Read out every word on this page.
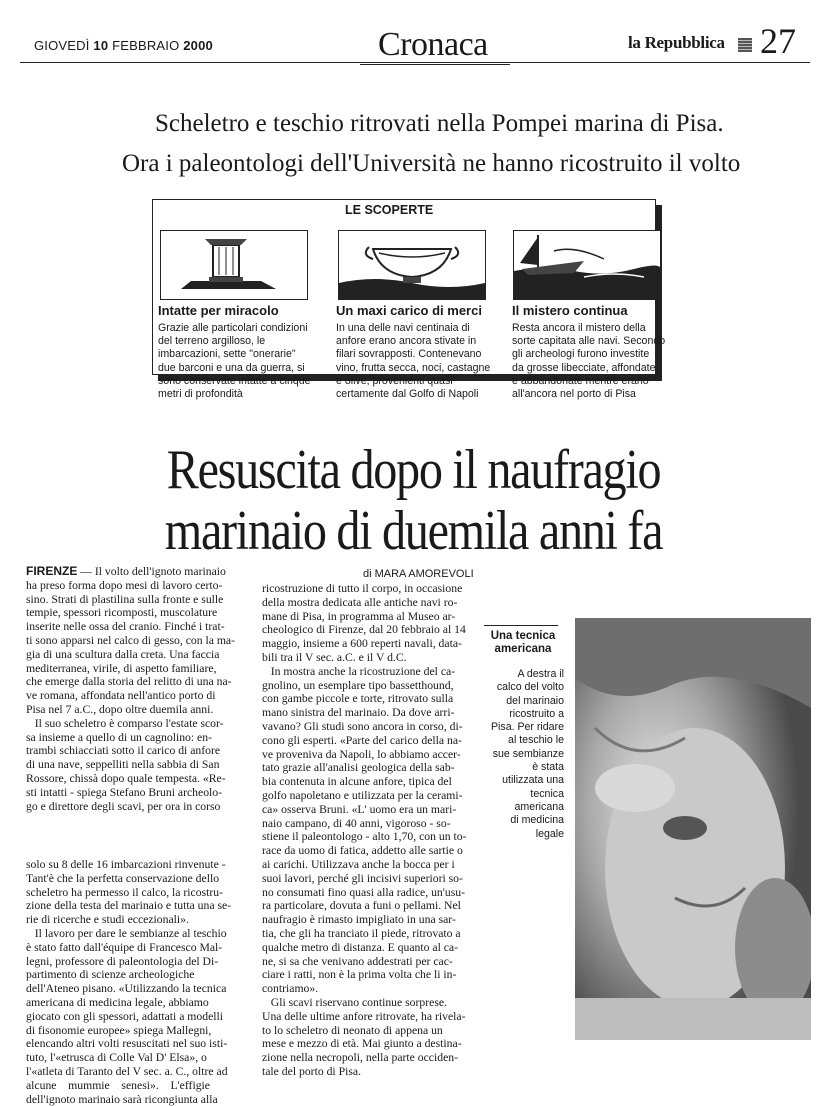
GIOVEDÌ 10 FEBBRAIO 2000	Cronaca	la Repubblica 27
Scheletro e teschio ritrovati nella Pompei marina di Pisa.
Ora i paleontologi dell'Università ne hanno ricostruito il volto
LE SCOPERTE
Intatte per miracolo	Un maxi carico di merci Il mistero continua
Grazie alle particolari condizioni
del terreno argilloso, le
imbarcazioni, sette "onerarie"
due barconi e una da guerra, si
sono conservate intatte a cinque
metri di profondità
In una delle navi centinaia di
anfore erano ancora stivate in
filari sovrapposti. Contenevano
vino, frutta secca, noci, castagne
e olive, provenienti quasi
certamente dal Golfo di Napoli
Resta ancora il mistero della
sorte capitata alle navi. Secondo
gli archeologi furono investite
da grosse libecciate, affondate
e abbandonate mentre erano
all'ancora nel porto di Pisa
Resuscita dopo il naufragio
marinaio di duemila anni fa
di MARA AMOREVOLI
FIRENZE — Il volto dell'ignoto marinaio
ha preso forma dopo mesi di lavoro certo-
sino. Strati di plastilina sulla fronte e sulle
tempie, spessori ricomposti, muscolature
inserite nelle ossa del cranio. Finché i trat-
ti sono apparsi nel calco di gesso, con la ma-
gia di una scultura dalla creta. Una faccia
mediterranea, virile, di aspetto familiare,
che emerge dalla storia del relitto di una na-
ve romana, affondata nell'antico porto di
Pisa nel 7 a.C., dopo oltre duemila anni.
Il suo scheletro è comparso l'estate scor-
sa insieme a quello di un cagnolino: en-
trambi schiacciati sotto il carico di anfore
di una nave, seppelliti nella sabbia di San
Rossore, chissà dopo quale tempesta. «Re-
sti intatti - spiega Stefano Bruni archeolo-
go e direttore degli scavi, per ora in corso
solo su 8 delle 16 imbarcazioni rinvenute -
Tant'è che la perfetta conservazione dello
scheletro ha permesso il calco, la ricostru-
zione della testa del marinaio e tutta una se-
rie di ricerche e studi eccezionali».
Il lavoro per dare le sembianze al teschio
è stato fatto dall'équipe di Francesco Mal-
legni, professore di paleontologia del Di-
partimento di scienze archeologiche
dell'Ateneo pisano. «Utilizzando la tecnica
americana di medicina legale, abbiamo
giocato con gli spessori, adattati a modelli
di fisonomie europee» spiega Mallegni,
elencando altri volti resuscitati nel suo isti-
tuto, l'«etrusca di Colle Val D' Elsa», o
l'«atleta di Taranto del V sec. a. C., oltre ad
alcune    mummie    senesi».    L'effigie
dell'ignoto marinaio sarà ricongiunta alla
ricostruzione di tutto il corpo, in occasione
della mostra dedicata alle antiche navi ro-
mane di Pisa, in programma al Museo ar-
cheologico di Firenze, dal 20 febbraio al 14
maggio, insieme a 600 reperti navali, data-
bili tra il V sec. a.C. e il V d.C.
In mostra anche la ricostruzione del ca-
gnolino, un esemplare tipo bassetthound,
con gambe piccole e torte, ritrovato sulla
mano sinistra del marinaio. Da dove arri-
vavano? Gli studi sono ancora in corso, di-
cono gli esperti. «Parte del carico della na-
ve proveniva da Napoli, lo abbiamo accer-
tato grazie all'analisi geologica della sab-
bia contenuta in alcune anfore, tipica del
golfo napoletano e utilizzata per la cerami-
ca» osserva Bruni. «L' uomo era un mari-
naio campano, di 40 anni, vigoroso - so-
stiene il paleontologo - alto 1,70, con un to-
race da uomo di fatica, addetto alle sartie o
ai carichi. Utilizzava anche la bocca per i
suoi lavori, perché gli incisivi superiori so-
no consumati fino quasi alla radice, un'usu-
ra particolare, dovuta a funi o pellami. Nel
naufragio è rimasto impigliato in una sar-
tia, che gli ha tranciato il piede, ritrovato a
qualche metro di distanza. E quanto al ca-
ne, si sa che venivano addestrati per cac-
ciare i ratti, non è la prima volta che li in-
contriamo».
Gli scavi riservano continue sorprese.
Una delle ultime anfore ritrovate, ha rivela-
to lo scheletro di neonato di appena un
mese e mezzo di età. Mai giunto a destina-
zione nella necropoli, nella parte occiden-
tale del porto di Pisa.
Una tecnica americana
A destra il
calco del volto
del marinaio
ricostruito a
Pisa. Per ridare
al teschio le
sue sembianze
è stata
utilizzata una
tecnica
americana
di medicina
legale
